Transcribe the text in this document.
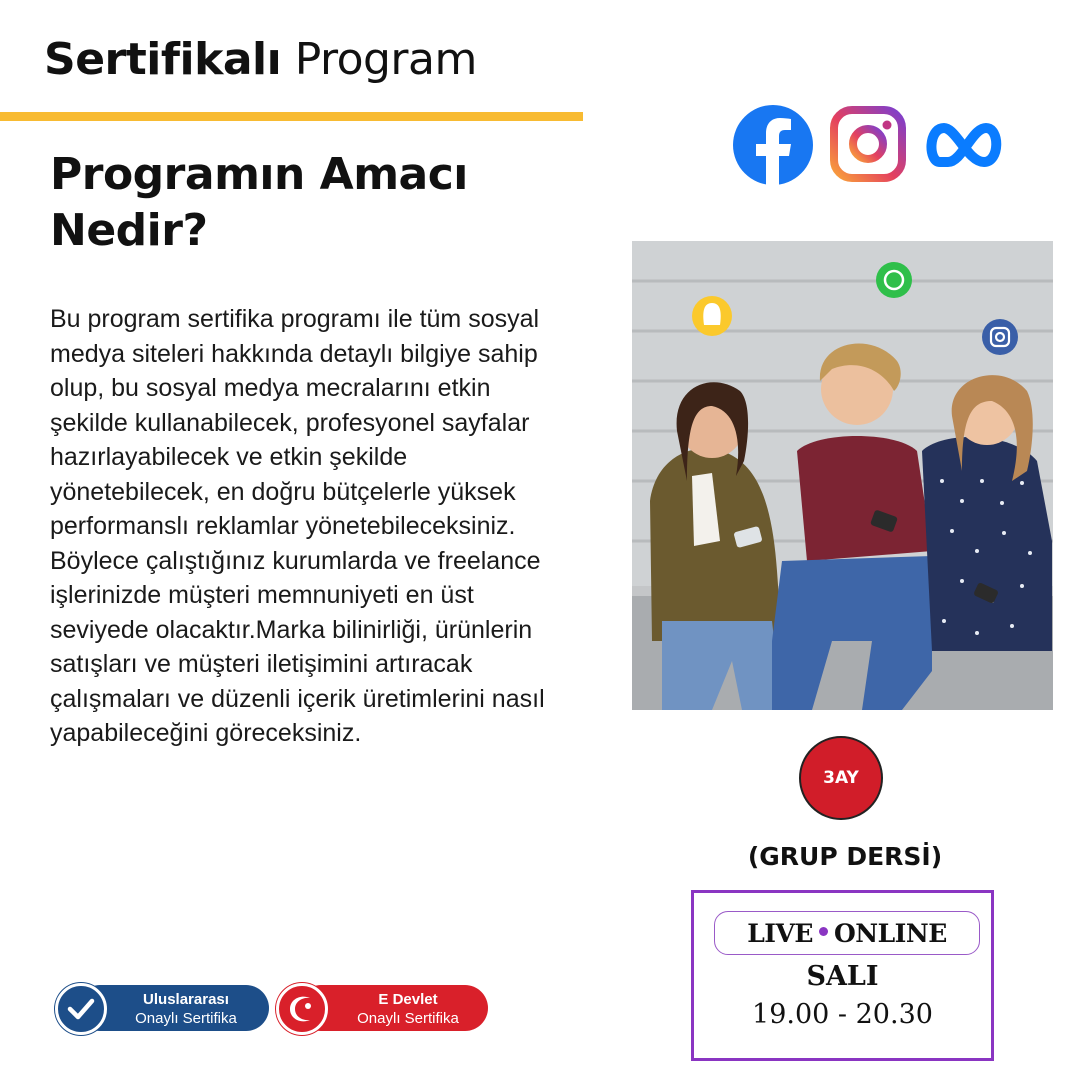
Sertifikalı Program
Programın Amacı Nedir?
Bu program sertifika programı ile tüm sosyal medya siteleri hakkında detaylı bilgiye sahip olup, bu sosyal medya mecralarını etkin şekilde kullanabilecek, profesyonel sayfalar hazırlayabilecek ve etkin şekilde yönetebilecek, en doğru bütçelerle yüksek performanslı reklamlar yönetebileceksiniz. Böylece çalıştığınız kurumlarda ve freelance işlerinizde müşteri memnuniyeti en üst seviyede olacaktır.Marka bilinirliği, ürünlerin satışları ve müşteri iletişimini artıracak çalışmaları ve düzenli içerik üretimlerini nasıl yapabileceğini göreceksiniz.
3AY
(GRUP DERSİ)
LIVE ONLINE
SALI
19.00 - 20.30
Uluslararası
Onaylı Sertifika
E Devlet
Onaylı Sertifika
